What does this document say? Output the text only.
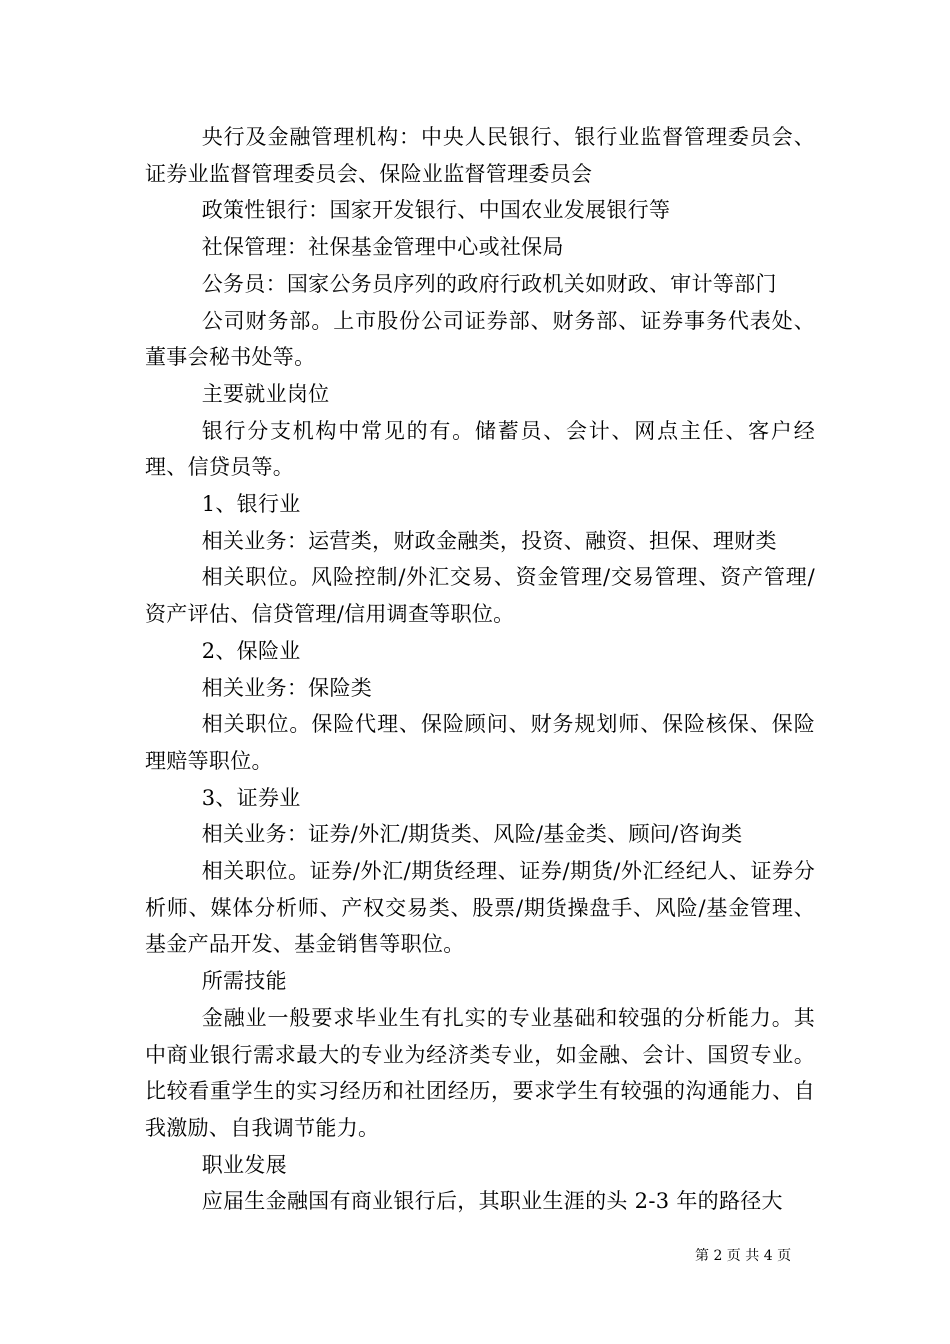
央行及金融管理机构：中央人民银行、银行业监督管理委员会、证券业监督管理委员会、保险业监督管理委员会

政策性银行：国家开发银行、中国农业发展银行等

社保管理：社保基金管理中心或社保局

公务员：国家公务员序列的政府行政机关如财政、审计等部门

公司财务部。上市股份公司证券部、财务部、证券事务代表处、董事会秘书处等。

主要就业岗位

银行分支机构中常见的有。储蓄员、会计、网点主任、客户经理、信贷员等。

1、银行业

相关业务：运营类，财政金融类，投资、融资、担保、理财类

相关职位。风险控制/外汇交易、资金管理/交易管理、资产管理/资产评估、信贷管理/信用调查等职位。

2、保险业

相关业务：保险类

相关职位。保险代理、保险顾问、财务规划师、保险核保、保险理赔等职位。

3、证券业

相关业务：证券/外汇/期货类、风险/基金类、顾问/咨询类

相关职位。证券/外汇/期货经理、证券/期货/外汇经纪人、证券分析师、媒体分析师、产权交易类、股票/期货操盘手、风险/基金管理、基金产品开发、基金销售等职位。

所需技能

金融业一般要求毕业生有扎实的专业基础和较强的分析能力。其中商业银行需求最大的专业为经济类专业，如金融、会计、国贸专业。比较看重学生的实习经历和社团经历，要求学生有较强的沟通能力、自我激励、自我调节能力。

职业发展

应届生金融国有商业银行后，其职业生涯的头 2-3 年的路径大

第 2 页 共 4 页
